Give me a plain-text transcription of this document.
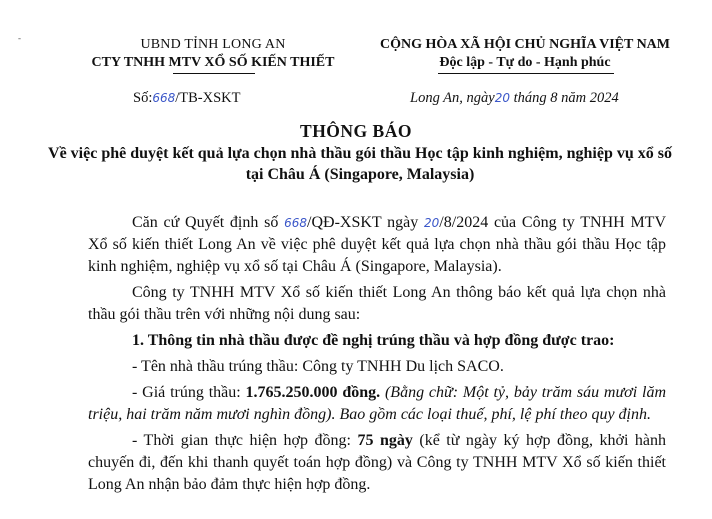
-	UBND TỈNH LONG AN
CTY TNHH MTV XỔ SỐ KIẾN THIẾT
CỘNG HÒA XÃ HỘI CHỦ NGHĨA VIỆT NAM
Độc lập - Tự do - Hạnh phúc
Số:668/TB-XSKT	Long An, ngày20 tháng 8 năm 2024
THÔNG BÁO
Về việc phê duyệt kết quả lựa chọn nhà thầu gói thầu Học tập kinh nghiệm, nghiệp vụ xổ số tại Châu Á (Singapore, Malaysia)

Căn cứ Quyết định số 668/QĐ-XSKT ngày 20/8/2024 của Công ty TNHH MTV Xổ số kiến thiết Long An về việc phê duyệt kết quả lựa chọn nhà thầu gói thầu Học tập kinh nghiệm, nghiệp vụ xổ số tại Châu Á (Singapore, Malaysia).

Công ty TNHH MTV Xổ số kiến thiết Long An thông báo kết quả lựa chọn nhà thầu gói thầu trên với những nội dung sau:

1. Thông tin nhà thầu được đề nghị trúng thầu và hợp đồng được trao:

- Tên nhà thầu trúng thầu: Công ty TNHH Du lịch SACO.

- Giá trúng thầu: 1.765.250.000 đồng. (Bằng chữ: Một tỷ, bảy trăm sáu mươi lăm triệu, hai trăm năm mươi nghìn đồng). Bao gồm các loại thuế, phí, lệ phí theo quy định.

- Thời gian thực hiện hợp đồng: 75 ngày (kể từ ngày ký hợp đồng, khởi hành chuyến đi, đến khi thanh quyết toán hợp đồng) và Công ty TNHH MTV Xổ số kiến thiết Long An nhận bảo đảm thực hiện hợp đồng.
